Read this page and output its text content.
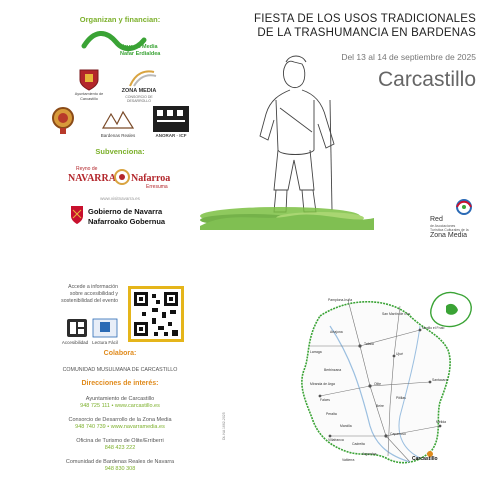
Organizan y financian:
Navarra Media
Nafar Erdialdea
Ayuntamiento de Carcastillo
ZONA MEDIA
CONSORCIO DE DESARROLLO
Bardenas Reales	ANORAR · ICF
Subvenciona:
Reyno de
NAVARRA Nafarroa
Erresuma
www.visitnavarra.es
Gobierno de Navarra
Nafarroako Gobernua
FIESTA DE LOS USOS TRADICIONALES
DE LA TRASHUMANCIA EN BARDENAS
Del 13 al 14 de septiembre de 2025
Carcastillo
Red
de Asociaciones
Turística Culturales de la
Zona Media
Accede a información sobre accesibilidad y sostenibilidad del evento
Accesibilidad Lectura Fácil
Colabora:
COMUNIDAD MUSULMANA DE CARCASTILLO
Direcciones de interés:
Ayuntamiento de Carcastillo
948 725 111 • www.carcastillo.es
Consorcio de Desarrollo de la Zona Media
948 740 739 • www.navarramedia.es
Oficina de Turismo de Olite/Erriberri
848 423 222
Comunidad de Bardenas Reales de Navarra
948 830 308
DL NA 1662-2025
Pamplona-Iruña
Tafalla
Olite
Caparroso
Carcastillo
Mélida
Santacara
Murillo el Fruto
Ujué
San Martín de Unx
Pitillas
Beire
Artajona
Larraga
Berbinzana
Miranda de Arga
Falces
Peralta
Marcilla
Villafranca
Cadreita
Arguedas
Valtierra
